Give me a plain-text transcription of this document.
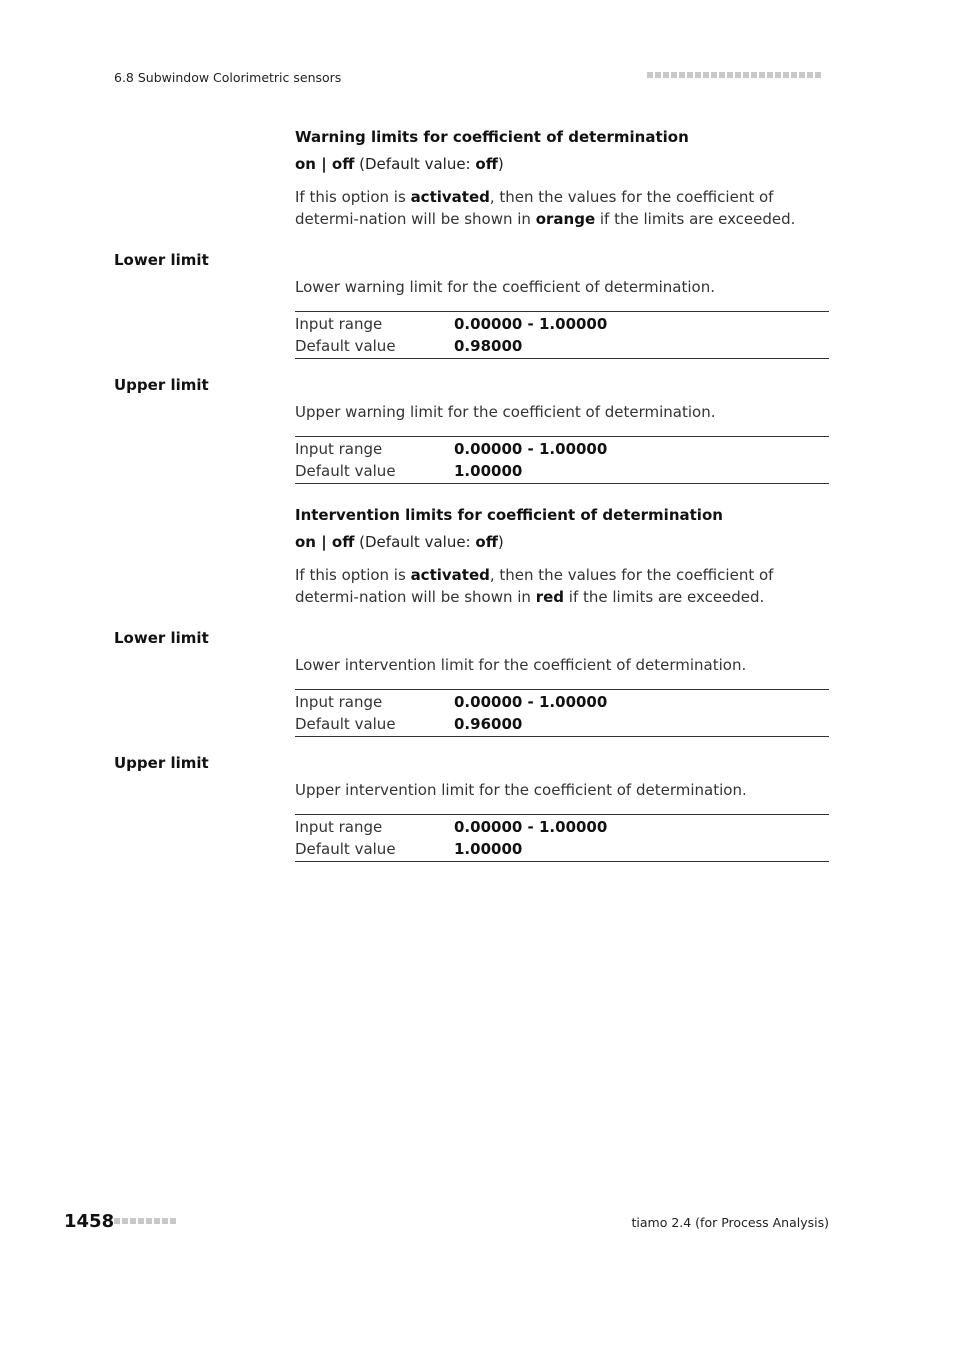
6.8 Subwindow Colorimetric sensors
Warning limits for coefficient of determination
on | off (Default value: off)
If this option is activated, then the values for the coefficient of determi-nation will be shown in orange if the limits are exceeded.
Lower limit
Lower warning limit for the coefficient of determination.
Input range	0.00000 - 1.00000
Default value	0.98000
Upper limit
Upper warning limit for the coefficient of determination.
Input range	0.00000 - 1.00000
Default value	1.00000
Intervention limits for coefficient of determination
on | off (Default value: off)
If this option is activated, then the values for the coefficient of determi-nation will be shown in red if the limits are exceeded.
Lower limit
Lower intervention limit for the coefficient of determination.
Input range	0.00000 - 1.00000
Default value	0.96000
Upper limit
Upper intervention limit for the coefficient of determination.
Input range	0.00000 - 1.00000
Default value	1.00000
1458	tiamo 2.4 (for Process Analysis)
